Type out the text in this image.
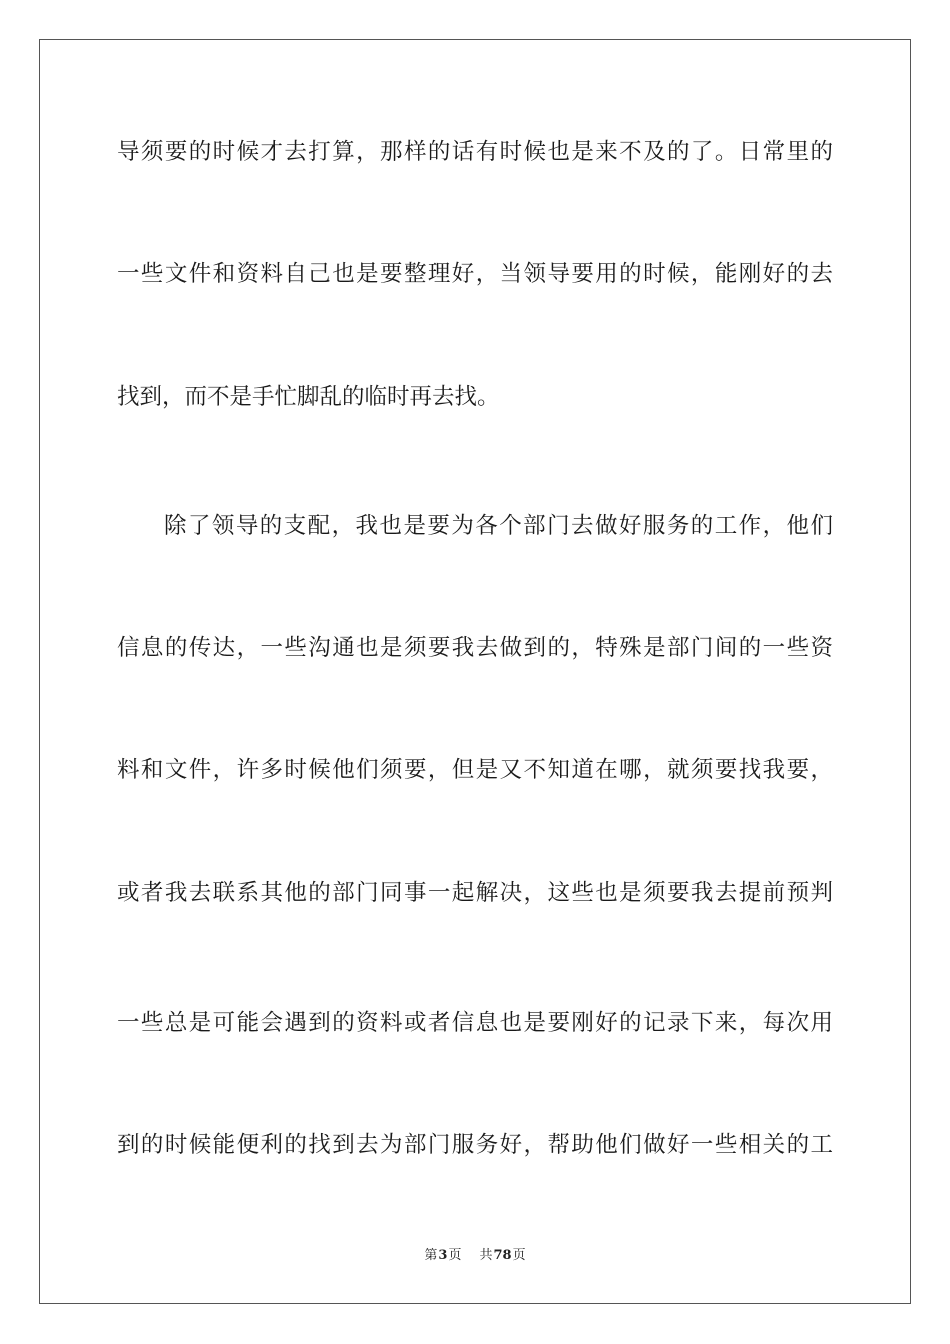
导须要的时候才去打算，那样的话有时候也是来不及的了。日常里的
一些文件和资料自己也是要整理好，当领导要用的时候，能刚好的去
找到，而不是手忙脚乱的临时再去找。
除了领导的支配，我也是要为各个部门去做好服务的工作，他们
信息的传达，一些沟通也是须要我去做到的，特殊是部门间的一些资
料和文件，许多时候他们须要，但是又不知道在哪，就须要找我要，
或者我去联系其他的部门同事一起解决，这些也是须要我去提前预判
一些总是可能会遇到的资料或者信息也是要刚好的记录下来，每次用
到的时候能便利的找到去为部门服务好，帮助他们做好一些相关的工
第3页 共78页
